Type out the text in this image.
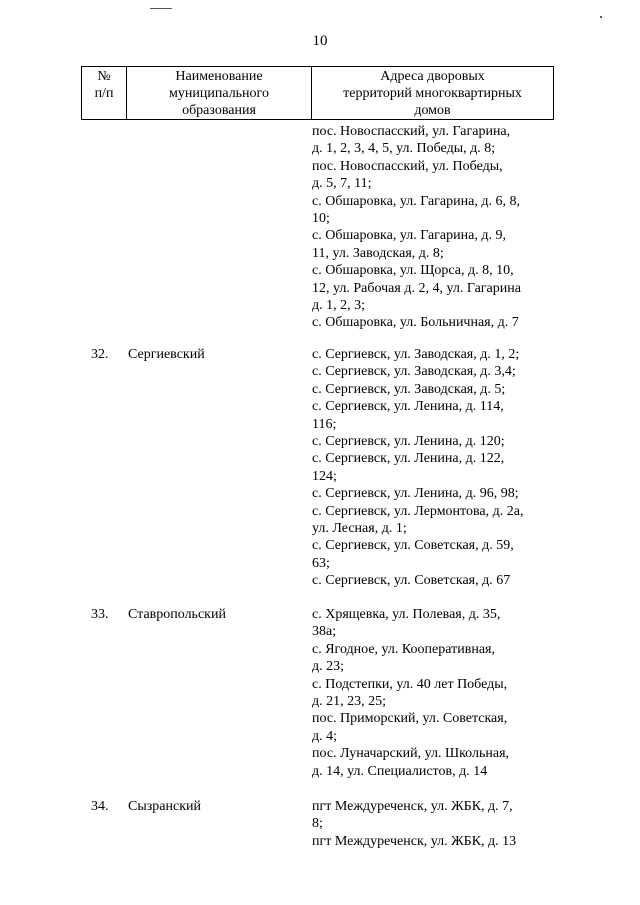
10
№
п/п

Наименование
муниципального
образования

Адреса дворовых
территорий многоквартирных
домов
пос. Новоспасский, ул. Гагарина,
д. 1, 2, 3, 4, 5, ул. Победы, д. 8;
пос. Новоспасский, ул. Победы,
д. 5, 7, 11;
с. Обшаровка, ул. Гагарина, д. 6, 8,
10;
с. Обшаровка, ул. Гагарина, д. 9,
11, ул. Заводская, д. 8;
с. Обшаровка, ул. Щорса, д. 8, 10,
12, ул. Рабочая д. 2, 4, ул. Гагарина
д. 1, 2, 3;
с. Обшаровка, ул. Больничная, д. 7
32. Сергиевский	с. Сергиевск, ул. Заводская, д. 1, 2;
с. Сергиевск, ул. Заводская, д. 3,4;
с. Сергиевск, ул. Заводская, д. 5;
с. Сергиевск, ул. Ленина, д. 114,
116;
с. Сергиевск, ул. Ленина, д. 120;
с. Сергиевск, ул. Ленина, д. 122,
124;
с. Сергиевск, ул. Ленина, д. 96, 98;
с. Сергиевск, ул. Лермонтова, д. 2а,
ул. Лесная, д. 1;
с. Сергиевск, ул. Советская, д. 59,
63;
с. Сергиевск, ул. Советская, д. 67
33. Ставропольский	с. Хрящевка, ул. Полевая, д. 35,
38а;
с. Ягодное, ул. Кооперативная,
д. 23;
с. Подстепки, ул. 40 лет Победы,
д. 21, 23, 25;
пос. Приморский, ул. Советская,
д. 4;
пос. Луначарский, ул. Школьная,
д. 14, ул. Специалистов, д. 14
34. Сызранский	пгт Междуреченск, ул. ЖБК, д. 7,
8;
пгт Междуреченск, ул. ЖБК, д. 13
